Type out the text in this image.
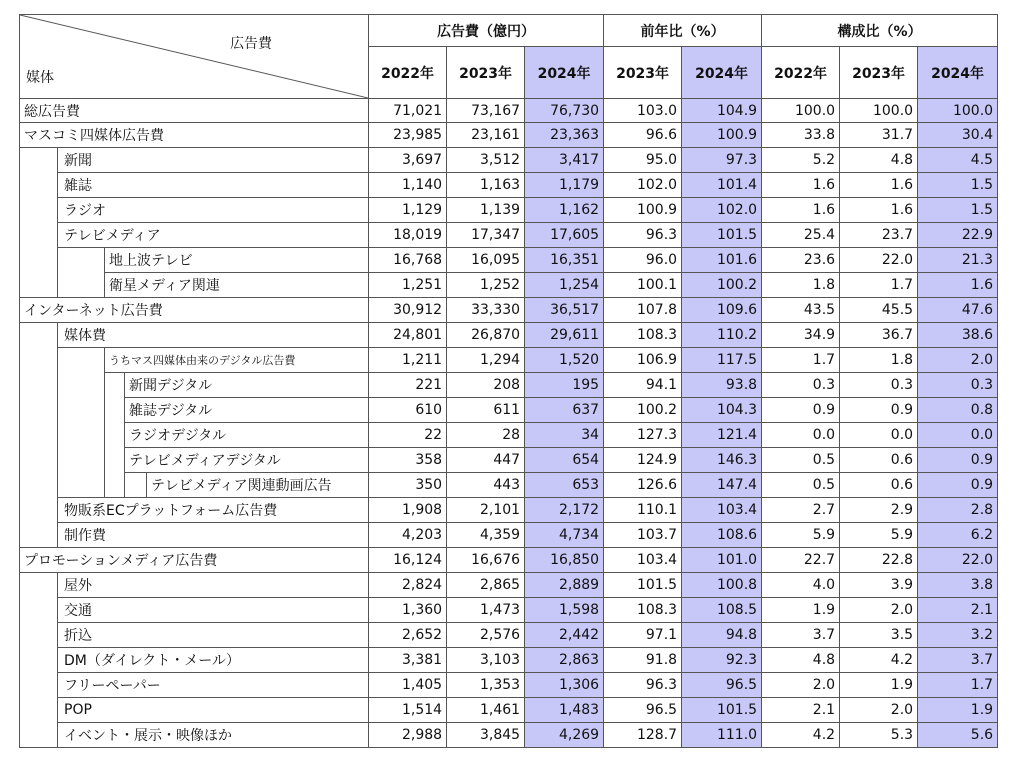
広告費
媒体					広告費（億円）			前年比（%）		構成比（%）		
					2022年	2023年	2024年	2023年	2024年	2022年	2023年	2024年
総広告費					71,021	73,167	76,730	103.0	104.9	100.0	100.0	100.0
マスコミ四媒体広告費					23,985	23,161	23,363	96.6	100.9	33.8	31.7	30.4
	新聞				3,697	3,512	3,417	95.0	97.3	5.2	4.8	4.5
	雑誌				1,140	1,163	1,179	102.0	101.4	1.6	1.6	1.5
	ラジオ				1,129	1,139	1,162	100.9	102.0	1.6	1.6	1.5
	テレビメディア				18,019	17,347	17,605	96.3	101.5	25.4	23.7	22.9
		地上波テレビ			16,768	16,095	16,351	96.0	101.6	23.6	22.0	21.3
		衛星メディア関連			1,251	1,252	1,254	100.1	100.2	1.8	1.7	1.6
インターネット広告費					30,912	33,330	36,517	107.8	109.6	43.5	45.5	47.6
	媒体費				24,801	26,870	29,611	108.3	110.2	34.9	36.7	38.6
		うちマス四媒体由来のデジタル広告費			1,211	1,294	1,520	106.9	117.5	1.7	1.8	2.0
			新聞デジタル		221	208	195	94.1	93.8	0.3	0.3	0.3
			雑誌デジタル		610	611	637	100.2	104.3	0.9	0.9	0.8
			ラジオデジタル		22	28	34	127.3	121.4	0.0	0.0	0.0
			テレビメディアデジタル		358	447	654	124.9	146.3	0.5	0.6	0.9
				テレビメディア関連動画広告	350	443	653	126.6	147.4	0.5	0.6	0.9
	物販系ECプラットフォーム広告費				1,908	2,101	2,172	110.1	103.4	2.7	2.9	2.8
	制作費				4,203	4,359	4,734	103.7	108.6	5.9	5.9	6.2
プロモーションメディア広告費					16,124	16,676	16,850	103.4	101.0	22.7	22.8	22.0
	屋外				2,824	2,865	2,889	101.5	100.8	4.0	3.9	3.8
	交通				1,360	1,473	1,598	108.3	108.5	1.9	2.0	2.1
	折込				2,652	2,576	2,442	97.1	94.8	3.7	3.5	3.2
	DM（ダイレクト・メール）				3,381	3,103	2,863	91.8	92.3	4.8	4.2	3.7
	フリーペーパー				1,405	1,353	1,306	96.3	96.5	2.0	1.9	1.7
	POP				1,514	1,461	1,483	96.5	101.5	2.1	2.0	1.9
	イベント・展示・映像ほか				2,988	3,845	4,269	128.7	111.0	4.2	5.3	5.6
